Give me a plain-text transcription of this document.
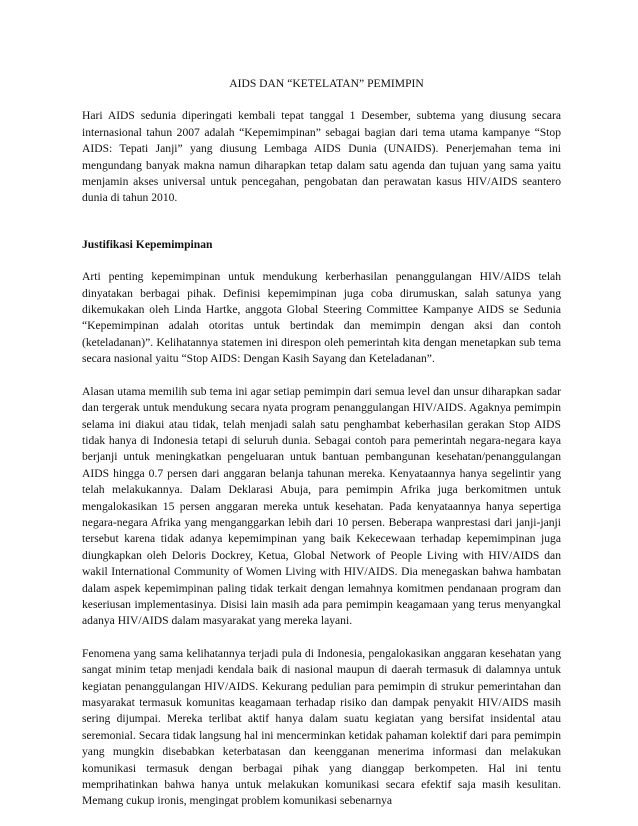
AIDS DAN “KETELATAN” PEMIMPIN

Hari AIDS sedunia diperingati kembali tepat tanggal 1 Desember, subtema yang diusung secara internasional tahun 2007 adalah “Kepemimpinan” sebagai bagian dari tema utama kampanye “Stop AIDS: Tepati Janji” yang diusung Lembaga AIDS Dunia (UNAIDS). Penerjemahan tema ini mengundang banyak makna namun diharapkan tetap dalam satu agenda dan tujuan yang sama yaitu menjamin akses universal untuk pencegahan, pengobatan dan perawatan kasus HIV/AIDS seantero dunia di tahun 2010.

Justifikasi Kepemimpinan

Arti penting kepemimpinan untuk mendukung kerberhasilan penanggulangan HIV/AIDS telah dinyatakan berbagai pihak. Definisi kepemimpinan juga coba dirumuskan, salah satunya yang dikemukakan oleh Linda Hartke, anggota Global Steering Committee Kampanye AIDS se Sedunia “Kepemimpinan adalah otoritas untuk bertindak dan memimpin dengan aksi dan contoh (keteladanan)”. Kelihatannya statemen ini direspon oleh pemerintah kita dengan menetapkan sub tema secara nasional yaitu “Stop AIDS: Dengan Kasih Sayang dan Keteladanan”.

Alasan utama memilih sub tema ini agar setiap pemimpin dari semua level dan unsur diharapkan sadar dan tergerak untuk mendukung secara nyata program penanggulangan HIV/AIDS. Agaknya pemimpin selama ini diakui atau tidak, telah menjadi salah satu penghambat keberhasilan gerakan Stop AIDS tidak hanya di Indonesia tetapi di seluruh dunia. Sebagai contoh para pemerintah negara-negara kaya berjanji untuk meningkatkan pengeluaran untuk bantuan pembangunan kesehatan/penanggulangan AIDS hingga 0.7 persen dari anggaran belanja tahunan mereka. Kenyataannya hanya segelintir yang telah melakukannya. Dalam Deklarasi Abuja, para pemimpin Afrika juga berkomitmen untuk mengalokasikan 15 persen anggaran mereka untuk kesehatan. Pada kenyataannya hanya sepertiga negara-negara Afrika yang menganggarkan lebih dari 10 persen. Beberapa wanprestasi dari janji-janji tersebut karena tidak adanya kepemimpinan yang baik Kekecewaan terhadap kepemimpinan juga diungkapkan oleh Deloris Dockrey, Ketua, Global Network of People Living with HIV/AIDS dan wakil International Community of Women Living with HIV/AIDS. Dia menegaskan bahwa hambatan dalam aspek kepemimpinan paling tidak terkait dengan lemahnya komitmen pendanaan program dan keseriusan implementasinya. Disisi lain masih ada para pemimpin keagamaan yang terus menyangkal adanya HIV/AIDS dalam masyarakat yang mereka layani.

Fenomena yang sama kelihatannya terjadi pula di Indonesia, pengalokasikan anggaran kesehatan yang sangat minim tetap menjadi kendala baik di nasional maupun di daerah termasuk di dalamnya untuk kegiatan penanggulangan HIV/AIDS. Kekurang pedulian para pemimpin di strukur pemerintahan dan masyarakat termasuk komunitas keagamaan terhadap risiko dan dampak penyakit HIV/AIDS masih sering dijumpai. Mereka terlibat aktif hanya dalam suatu kegiatan yang bersifat insidental atau seremonial. Secara tidak langsung hal ini mencerminkan ketidak pahaman kolektif dari para pemimpin yang mungkin disebabkan keterbatasan dan keengganan menerima informasi dan melakukan komunikasi termasuk dengan berbagai pihak yang dianggap berkompeten. Hal ini tentu memprihatinkan bahwa hanya untuk melakukan komunikasi secara efektif saja masih kesulitan. Memang cukup ironis, mengingat problem komunikasi sebenarnya
